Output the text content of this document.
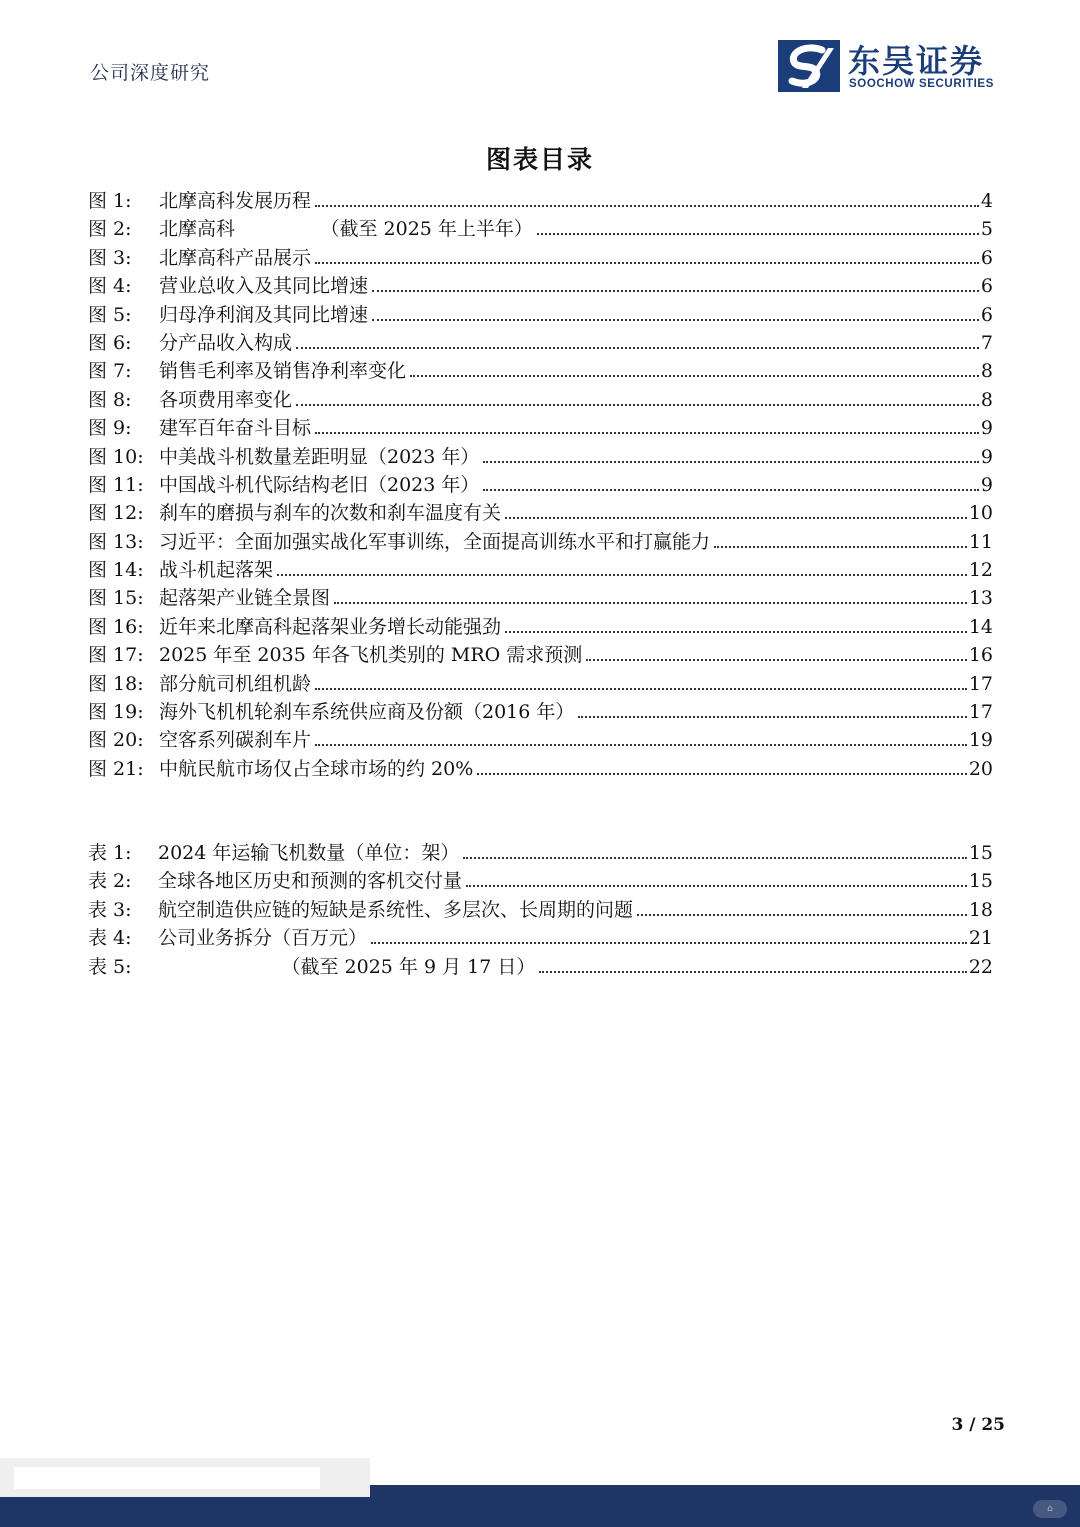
公司深度研究	东吴证券
SOOCHOW SECURITIES
图表目录
图 1:	北摩高科发展历程	4
图 2:	北摩高科　　　　　（截至 2025 年上半年）	5
图 3:	北摩高科产品展示	6
图 4:	营业总收入及其同比增速	6
图 5:	归母净利润及其同比增速	6
图 6:	分产品收入构成	7
图 7:	销售毛利率及销售净利率变化	8
图 8:	各项费用率变化	8
图 9:	建军百年奋斗目标	9
图 10: 中美战斗机数量差距明显（2023 年）	9
图 11: 中国战斗机代际结构老旧（2023 年）	9
图 12: 刹车的磨损与刹车的次数和刹车温度有关	10
图 13: 习近平：全面加强实战化军事训练，全面提高训练水平和打赢能力	11
图 14: 战斗机起落架	12
图 15: 起落架产业链全景图	13
图 16: 近年来北摩高科起落架业务增长动能强劲	14
图 17: 2025 年至 2035 年各飞机类别的 MRO 需求预测	16
图 18: 部分航司机组机龄	17
图 19: 海外飞机机轮刹车系统供应商及份额（2016 年）	17
图 20: 空客系列碳刹车片	19
图 21: 中航民航市场仅占全球市场的约 20%	20
表 1:	2024 年运输飞机数量（单位：架）	15
表 2:	全球各地区历史和预测的客机交付量	15
表 3:	航空制造供应链的短缺是系统性、多层次、长周期的问题	18
表 4:	公司业务拆分（百万元）	21
表 5:	　　　　　　　（截至 2025 年 9 月 17 日）	22
3 / 25
⌂
